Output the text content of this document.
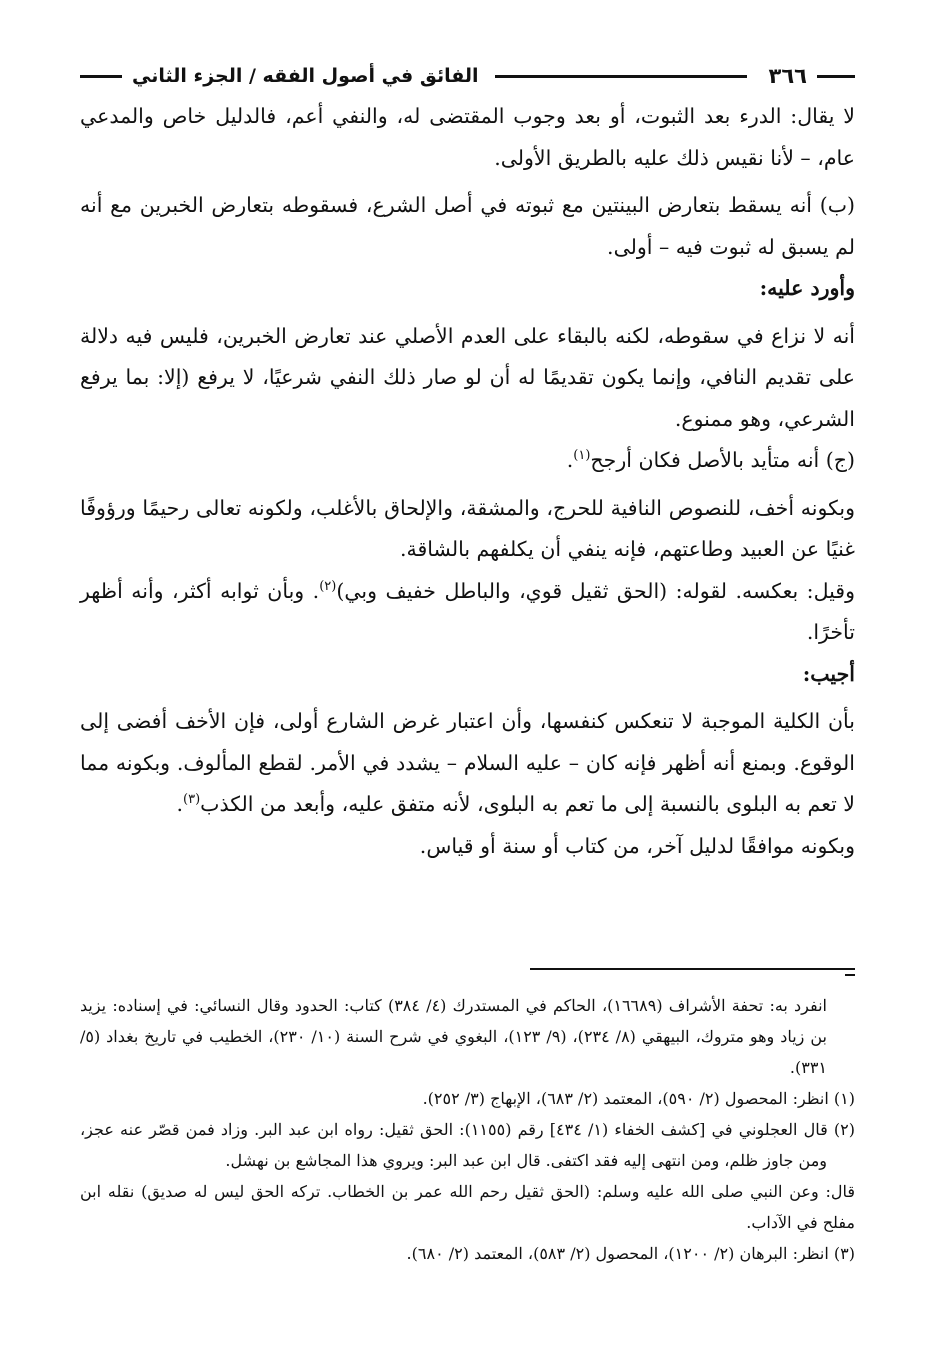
٣٦٦
الفائق في أصول الفقه / الجزء الثاني

لا يقال: الدرء بعد الثبوت، أو بعد وجوب المقتضى له، والنفي أعم، فالدليل خاص والمدعي عام، – لأنا نقيس ذلك عليه بالطريق الأولى.

(ب) أنه يسقط بتعارض البينتين مع ثبوته في أصل الشرع، فسقوطه بتعارض الخبرين مع أنه لم يسبق له ثبوت فيه – أولى.

وأورد عليه:

أنه لا نزاع في سقوطه، لكنه بالبقاء على العدم الأصلي عند تعارض الخبرين، فليس فيه دلالة على تقديم النافي، وإنما يكون تقديمًا له أن لو صار ذلك النفي شرعيًا، لا يرفع (إلا: بما يرفع الشرعي، وهو ممنوع.

(ج) أنه متأيد بالأصل فكان أرجح$^{(١)}$.

وبكونه أخف، للنصوص النافية للحرج، والمشقة، والإلحاق بالأغلب، ولكونه تعالى رحيمًا ورؤوفًا غنيًا عن العبيد وطاعتهم، فإنه ينفي أن يكلفهم بالشاقة.

وقيل: بعكسه. لقوله: (الحق ثقيل قوي، والباطل خفيف وبي)$^{(٢)}$. وبأن ثوابه أكثر، وأنه أظهر تأخرًا.

أجيب:

بأن الكلية الموجبة لا تنعكس كنفسها، وأن اعتبار غرض الشارع أولى، فإن الأخف أفضى إلى الوقوع. وبمنع أنه أظهر فإنه كان – عليه السلام – يشدد في الأمر. لقطع المألوف. وبكونه مما لا تعم به البلوى بالنسبة إلى ما تعم به البلوى، لأنه متفق عليه، وأبعد من الكذب$^{(٣)}$.

وبكونه موافقًا لدليل آخر، من كتاب أو سنة أو قياس.

انفرد به: تحفة الأشراف (١٦٦٨٩)، الحاكم في المستدرك (٤/ ٣٨٤) كتاب: الحدود وقال النسائي: في إسناده: يزيد بن زياد وهو متروك، البيهقي (٨/ ٢٣٤)، (٩/ ١٢٣)، البغوي في شرح السنة (١٠/ ٢٣٠)، الخطيب في تاريخ بغداد (٥/ ٣٣١).

(١) انظر: المحصول (٢/ ٥٩٠)، المعتمد (٢/ ٦٨٣)، الإبهاج (٣/ ٢٥٢).

(٢) قال العجلوني في [كشف الخفاء (١/ ٤٣٤] رقم (١١٥٥): الحق ثقيل: رواه ابن عبد البر. وزاد فمن قصّر عنه عجز، ومن جاوز ظلم، ومن انتهى إليه فقد اكتفى. قال ابن عبد البر: ويروي هذا المجاشع بن نهشل.

قال: وعن النبي صلى الله عليه وسلم: (الحق ثقيل رحم الله عمر بن الخطاب. تركه الحق ليس له صديق) نقله ابن مفلح في الآداب.

(٣) انظر: البرهان (٢/ ١٢٠٠)، المحصول (٢/ ٥٨٣)، المعتمد (٢/ ٦٨٠).
